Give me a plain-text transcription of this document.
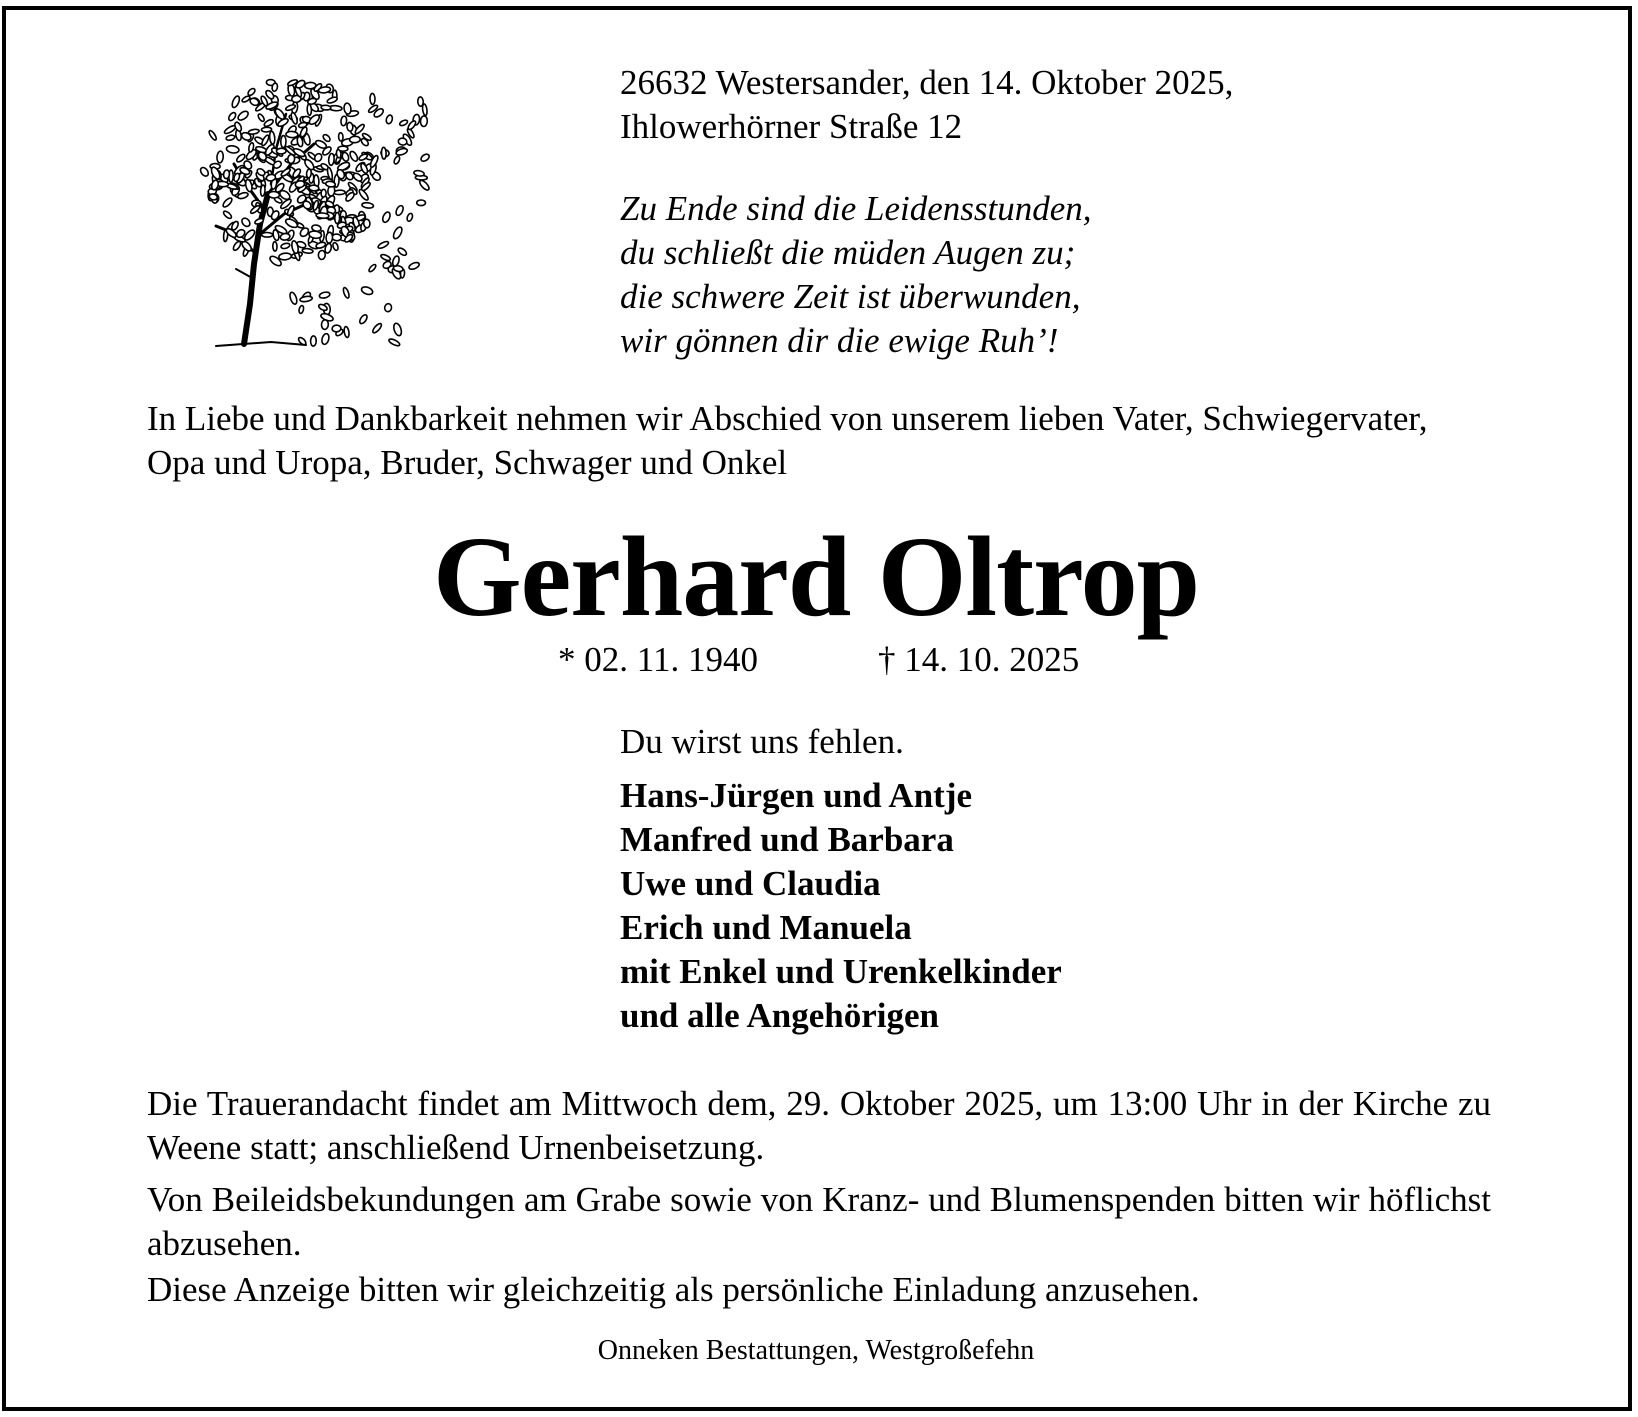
26632 Westersander, den 14. Oktober 2025,
Ihlowerhörner Straße 12
Zu Ende sind die Leidensstunden,
du schließt die müden Augen zu;
die schwere Zeit ist überwunden,
wir gönnen dir die ewige Ruh’!
In Liebe und Dankbarkeit nehmen wir Abschied von unserem lieben Vater, Schwiegervater,
Opa und Uropa, Bruder, Schwager und Onkel
Gerhard Oltrop
* 02. 11. 1940	† 14. 10. 2025
Du wirst uns fehlen.
Hans-Jürgen und Antje
Manfred und Barbara
Uwe und Claudia
Erich und Manuela
mit Enkel und Urenkelkinder
und alle Angehörigen
Die Trauerandacht findet am Mittwoch dem, 29. Oktober 2025, um 13:00 Uhr in der Kirche zu Weene statt; anschließend Urnenbeisetzung.
Von Beileidsbekundungen am Grabe sowie von Kranz- und Blumenspenden bitten wir höflichst abzusehen.
Diese Anzeige bitten wir gleichzeitig als persönliche Einladung anzusehen.
Onneken Bestattungen, Westgroßefehn
